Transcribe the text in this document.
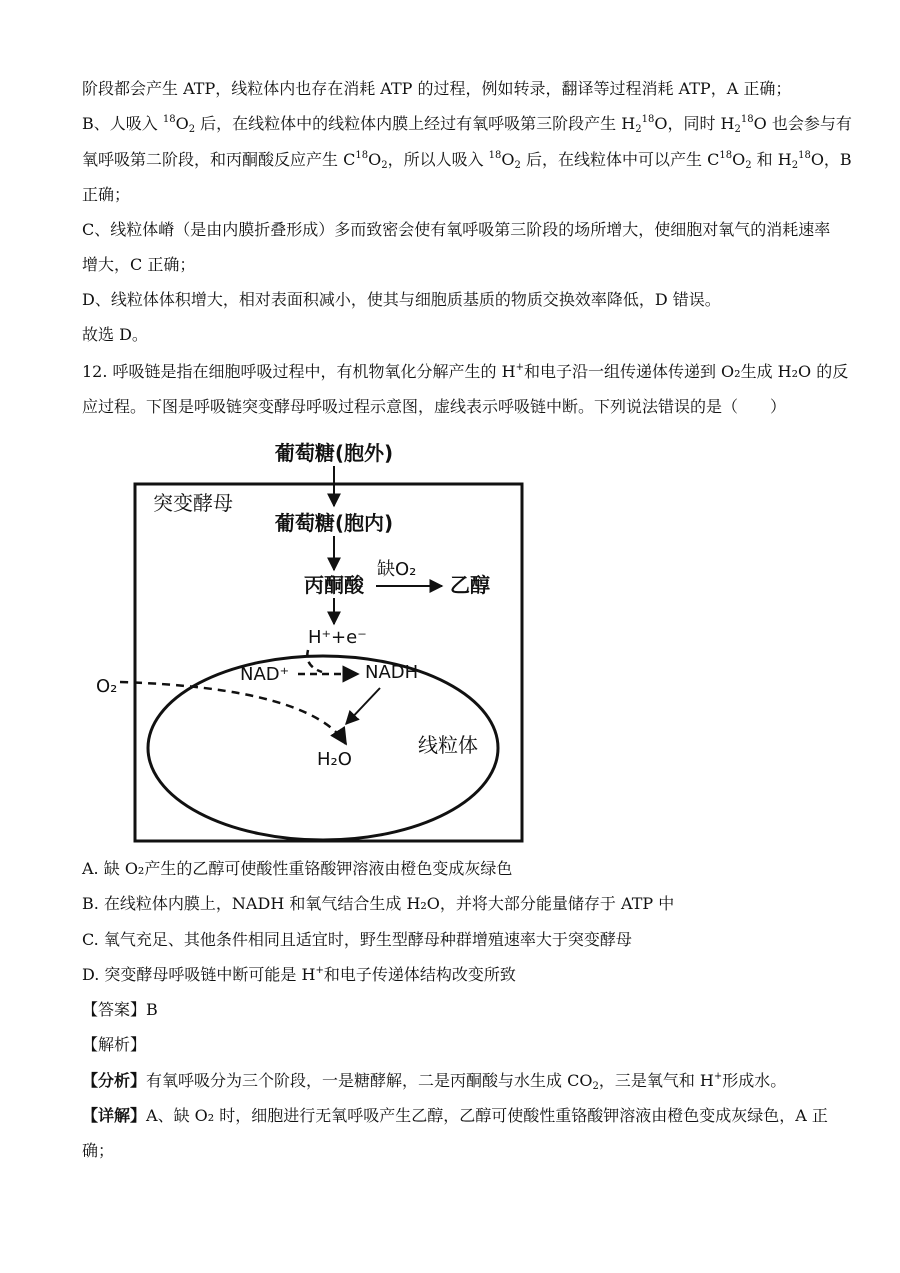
阶段都会产生 ATP，线粒体内也存在消耗 ATP 的过程，例如转录，翻译等过程消耗 ATP，A 正确；
B、人吸入 $^{18}O_2$ 后，在线粒体中的线粒体内膜上经过有氧呼吸第三阶段产生 $H_2^{18}O$，同时 $H_2^{18}O$ 也会参与有
氧呼吸第二阶段，和丙酮酸反应产生 $C^{18}O_2$，所以人吸入 $^{18}O_2$ 后，在线粒体中可以产生 $C^{18}O_2$ 和 $H_2^{18}O$，B
正确；
C、线粒体嵴（是由内膜折叠形成）多而致密会使有氧呼吸第三阶段的场所增大，使细胞对氧气的消耗速率
增大，C 正确；
D、线粒体体积增大，相对表面积减小，使其与细胞质基质的物质交换效率降低，D 错误。
故选 D。
12. 呼吸链是指在细胞呼吸过程中，有机物氧化分解产生的 H+和电子沿一组传递体传递到 O₂生成 H₂O 的反
应过程。下图是呼吸链突变酵母呼吸过程示意图，虚线表示呼吸链中断。下列说法错误的是（　　）
葡萄糖(胞外)
突变酵母
葡萄糖(胞内)
丙酮酸
缺O₂
乙醇
H⁺+e⁻
NAD⁺	NADH
O₂
H₂O
线粒体
A. 缺 O₂产生的乙醇可使酸性重铬酸钾溶液由橙色变成灰绿色
B. 在线粒体内膜上，NADH 和氧气结合生成 H₂O，并将大部分能量储存于 ATP 中
C. 氧气充足、其他条件相同且适宜时，野生型酵母种群增殖速率大于突变酵母
D. 突变酵母呼吸链中断可能是 H+和电子传递体结构改变所致
【答案】B
【解析】
【分析】有氧呼吸分为三个阶段，一是糖酵解，二是丙酮酸与水生成 $CO_2$，三是氧气和 H+形成水。
【详解】A、缺 O₂ 时，细胞进行无氧呼吸产生乙醇，乙醇可使酸性重铬酸钾溶液由橙色变成灰绿色，A 正
确；
